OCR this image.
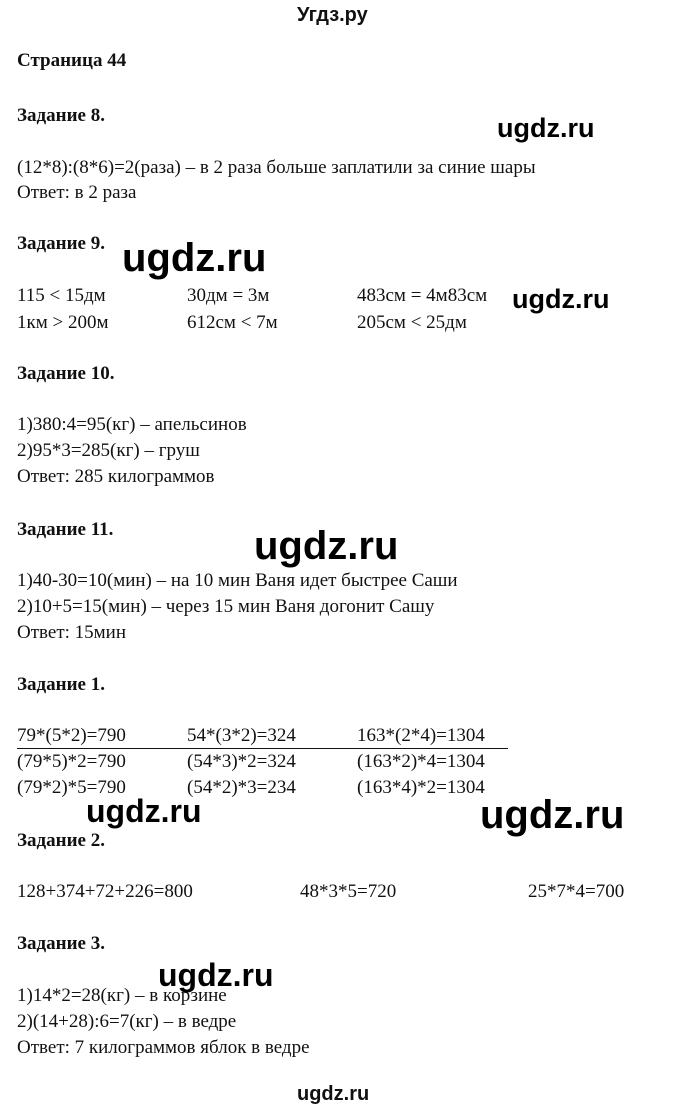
Угдз.ру
Страница 44
Задание 8.	ugdz.ru
(12*8):(8*6)=2(раза) – в 2 раза больше заплатили за синие шары
Ответ: в 2 раза
Задание 9. ugdz.ru
115 < 15дм	30дм = 3м	483см = 4м83см ugdz.ru
1км > 200м	612см < 7м	205см < 25дм
Задание 10.
1)380:4=95(кг) – апельсинов
2)95*3=285(кг) – груш
Ответ: 285 килограммов
Задание 11.	ugdz.ru
1)40-30=10(мин) – на 10 мин Ваня идет быстрее Саши
2)10+5=15(мин) – через 15 мин Ваня догонит Сашу
Ответ: 15мин
Задание 1.
79*(5*2)=790	54*(3*2)=324	163*(2*4)=1304
(79*5)*2=790	(54*3)*2=324	(163*2)*4=1304
(79*2)*5=790	(54*2)*3=234	(163*4)*2=1304
ugdz.ru	ugdz.ru
Задание 2.
128+374+72+226=800	48*3*5=720	25*7*4=700
Задание 3.
ugdz.ru
1)14*2=28(кг) – в корзине
2)(14+28):6=7(кг) – в ведре
Ответ: 7 килограммов яблок в ведре
ugdz.ru
